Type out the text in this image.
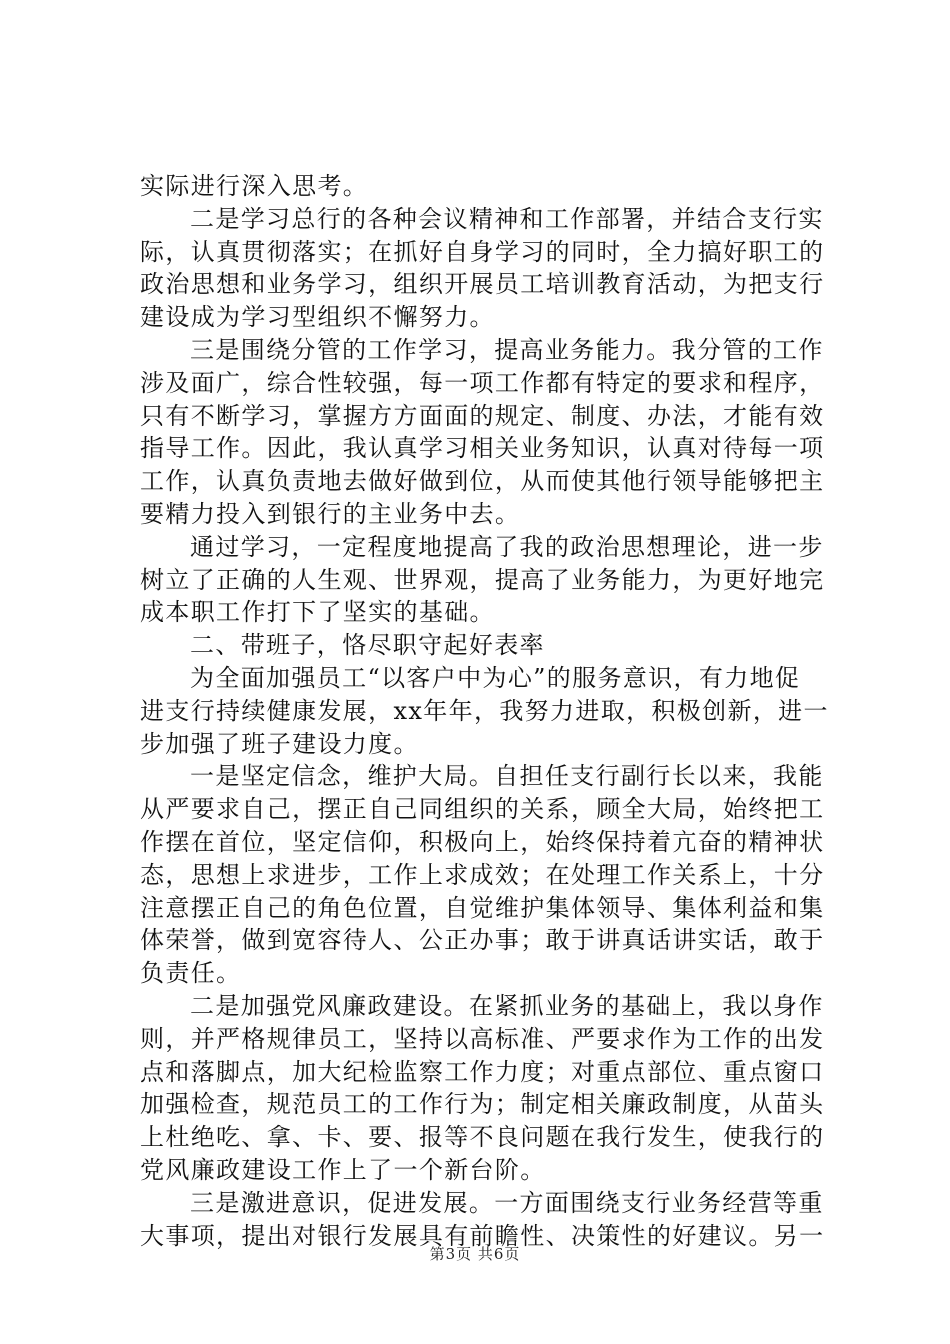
实际进行深入思考。
二是学习总行的各种会议精神和工作部署，并结合支行实
际，认真贯彻落实；在抓好自身学习的同时，全力搞好职工的
政治思想和业务学习，组织开展员工培训教育活动，为把支行
建设成为学习型组织不懈努力。
三是围绕分管的工作学习，提高业务能力。我分管的工作
涉及面广，综合性较强，每一项工作都有特定的要求和程序，
只有不断学习，掌握方方面面的规定、制度、办法，才能有效
指导工作。因此，我认真学习相关业务知识，认真对待每一项
工作，认真负责地去做好做到位，从而使其他行领导能够把主
要精力投入到银行的主业务中去。
通过学习，一定程度地提高了我的政治思想理论，进一步
树立了正确的人生观、世界观，提高了业务能力，为更好地完
成本职工作打下了坚实的基础。
二、带班子，恪尽职守起好表率
为全面加强员工“以客户中为心”的服务意识，有力地促
进支行持续健康发展，xx年年，我努力进取，积极创新，进一
步加强了班子建设力度。
一是坚定信念，维护大局。自担任支行副行长以来，我能
从严要求自己，摆正自己同组织的关系，顾全大局，始终把工
作摆在首位，坚定信仰，积极向上，始终保持着亢奋的精神状
态，思想上求进步，工作上求成效；在处理工作关系上，十分
注意摆正自己的角色位置，自觉维护集体领导、集体利益和集
体荣誉，做到宽容待人、公正办事；敢于讲真话讲实话，敢于
负责任。
二是加强党风廉政建设。在紧抓业务的基础上，我以身作
则，并严格规律员工，坚持以高标准、严要求作为工作的出发
点和落脚点，加大纪检监察工作力度；对重点部位、重点窗口
加强检查，规范员工的工作行为；制定相关廉政制度，从苗头
上杜绝吃、拿、卡、要、报等不良问题在我行发生，使我行的
党风廉政建设工作上了一个新台阶。
三是激进意识，促进发展。一方面围绕支行业务经营等重
大事项，提出对银行发展具有前瞻性、决策性的好建议。另一
第3页 共6页
